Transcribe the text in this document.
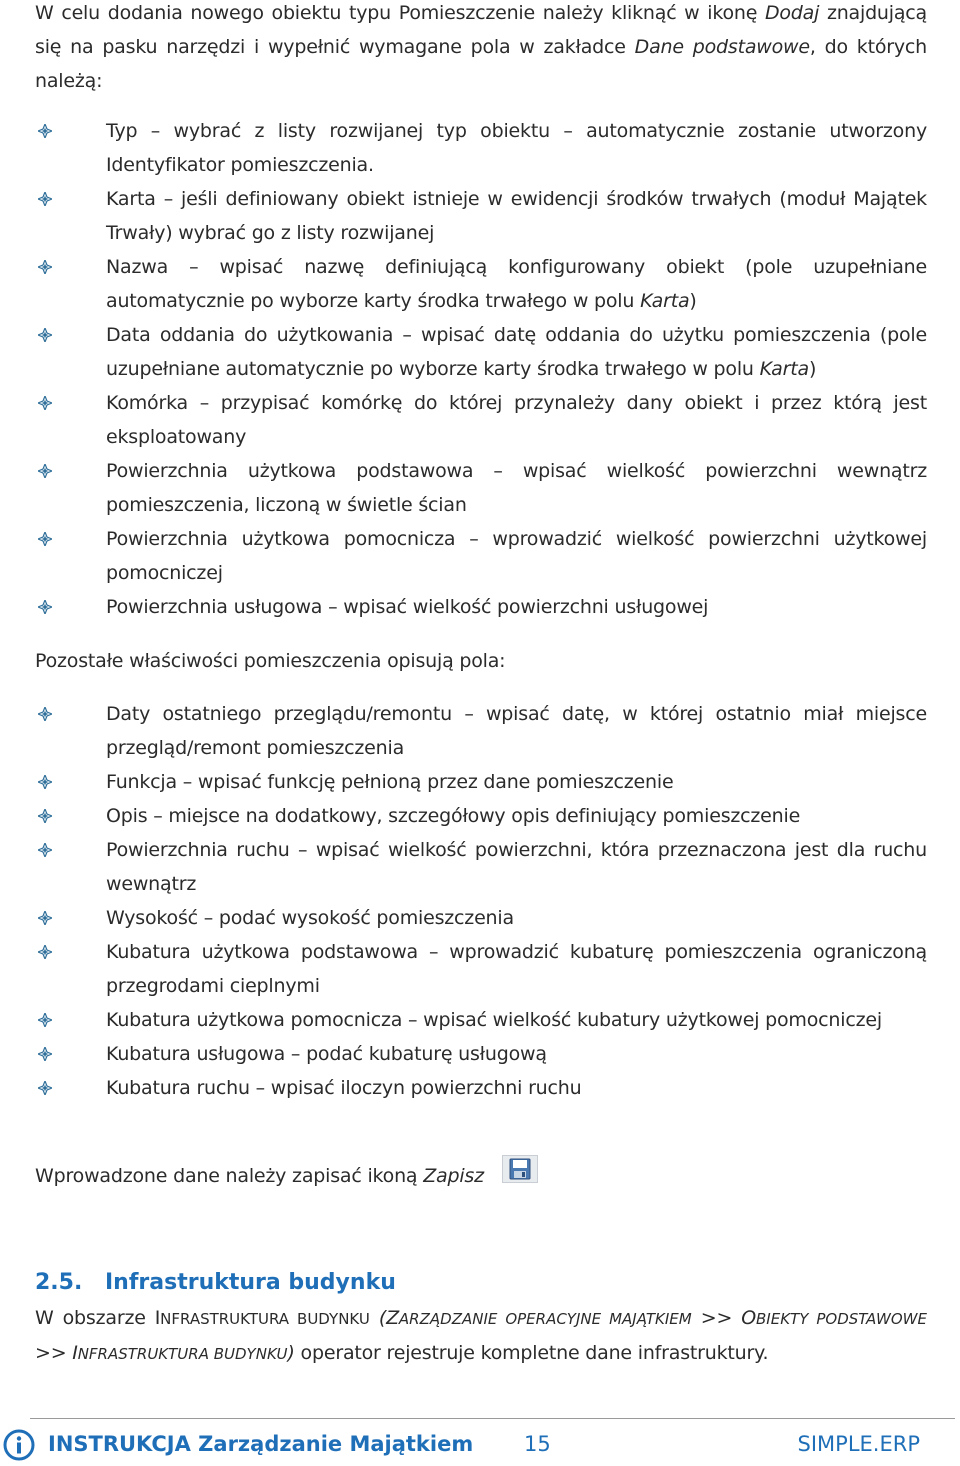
W celu dodania nowego obiektu typu Pomieszczenie należy kliknąć w ikonę Dodaj znajdującą się na pasku narzędzi i wypełnić wymagane pola w zakładce Dane podstawowe, do których należą:

Typ – wybrać z listy rozwijanej typ obiektu – automatycznie zostanie utworzony Identyfikator pomieszczenia.
Karta – jeśli definiowany obiekt istnieje w ewidencji środków trwałych (moduł Majątek Trwały) wybrać go z listy rozwijanej
Nazwa – wpisać nazwę definiującą konfigurowany obiekt (pole uzupełniane automatycznie po wyborze karty środka trwałego w polu Karta)
Data oddania do użytkowania – wpisać datę oddania do użytku pomieszczenia (pole uzupełniane automatycznie po wyborze karty środka trwałego w polu Karta)
Komórka – przypisać komórkę do której przynależy dany obiekt i przez którą jest eksploatowany
Powierzchnia użytkowa podstawowa – wpisać wielkość powierzchni wewnątrz pomieszczenia, liczoną w świetle ścian
Powierzchnia użytkowa pomocnicza – wprowadzić wielkość powierzchni użytkowej pomocniczej
Powierzchnia usługowa – wpisać wielkość powierzchni usługowej

Pozostałe właściwości pomieszczenia opisują pola:

Daty ostatniego przeglądu/remontu – wpisać datę, w której ostatnio miał miejsce przegląd/remont pomieszczenia
Funkcja – wpisać funkcję pełnioną przez dane pomieszczenie
Opis – miejsce na dodatkowy, szczegółowy opis definiujący pomieszczenie
Powierzchnia ruchu – wpisać wielkość powierzchni, która przeznaczona jest dla ruchu wewnątrz
Wysokość – podać wysokość pomieszczenia
Kubatura użytkowa podstawowa – wprowadzić kubaturę pomieszczenia ograniczoną przegrodami cieplnymi
Kubatura użytkowa pomocnicza – wpisać wielkość kubatury użytkowej pomocniczej
Kubatura usługowa – podać kubaturę usługową
Kubatura ruchu – wpisać iloczyn powierzchni ruchu

Wprowadzone dane należy zapisać ikoną Zapisz

2.5. Infrastruktura budynku

W obszarze INFRASTRUKTURA BUDYNKU (ZARZĄDZANIE OPERACYJNE MAJĄTKIEM >> OBIEKTY PODSTAWOWE >> INFRASTRUKTURA BUDYNKU) operator rejestruje kompletne dane infrastruktury.

INSTRUKCJA Zarządzanie Majątkiem 15	SIMPLE.ERP
